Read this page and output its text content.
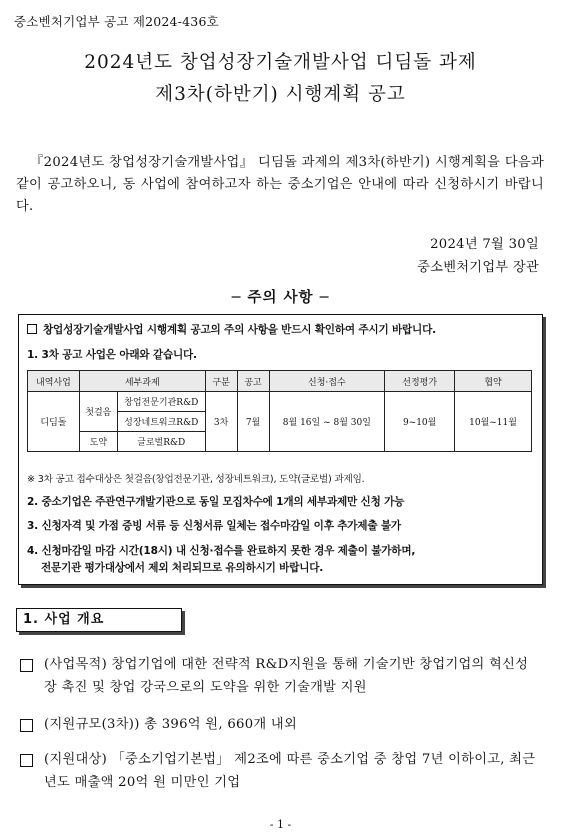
중소벤처기업부 공고 제2024-436호
2024년도 창업성장기술개발사업 디딤돌 과제
제3차(하반기) 시행계획 공고
『2024년도 창업성장기술개발사업』 디딤돌 과제의 제3차(하반기) 시행계획을 다음과 같이 공고하오니, 동 사업에 참여하고자 하는 중소기업은 안내에 따라 신청하시기 바랍니다.
2024년 7월 30일
중소벤처기업부 장관
─ 주의 사항 ─
창업성장기술개발사업 시행계획 공고의 주의 사항을 반드시 확인하여 주시기 바랍니다.
1. 3차 공고 사업은 아래와 같습니다.
내역사업	세부과제		구분	공고	신청·접수	선정평가	협약
디딤돌	첫걸음	창업전문기관R&D	3차	7월	8월 16일 ~ 8월 30일	9~10월	10월~11월
		성장네트워크R&D					
	도약	글로벌R&D					
※ 3차 공고 접수대상은 첫걸음(창업전문기관, 성장네트워크), 도약(글로벌) 과제임.
2. 중소기업은 주관연구개발기관으로 동일 모집차수에 1개의 세부과제만 신청 가능
3. 신청자격 및 가점 증빙 서류 등 신청서류 일체는 접수마감일 이후 추가제출 불가
4. 신청마감일 마감 시간(18시) 내 신청·접수를 완료하지 못한 경우 제출이 불가하며,
전문기관 평가대상에서 제외 처리되므로 유의하시기 바랍니다.
1. 사업 개요
(사업목적) 창업기업에 대한 전략적 R&D지원을 통해 기술기반 창업기업의 혁신성장 촉진 및 창업 강국으로의 도약을 위한 기술개발 지원
(지원규모(3차)) 총 396억 원, 660개 내외
(지원대상) 「중소기업기본법」 제2조에 따른 중소기업 중 창업 7년 이하이고, 최근년도 매출액 20억 원 미만인 기업
- 1 -
